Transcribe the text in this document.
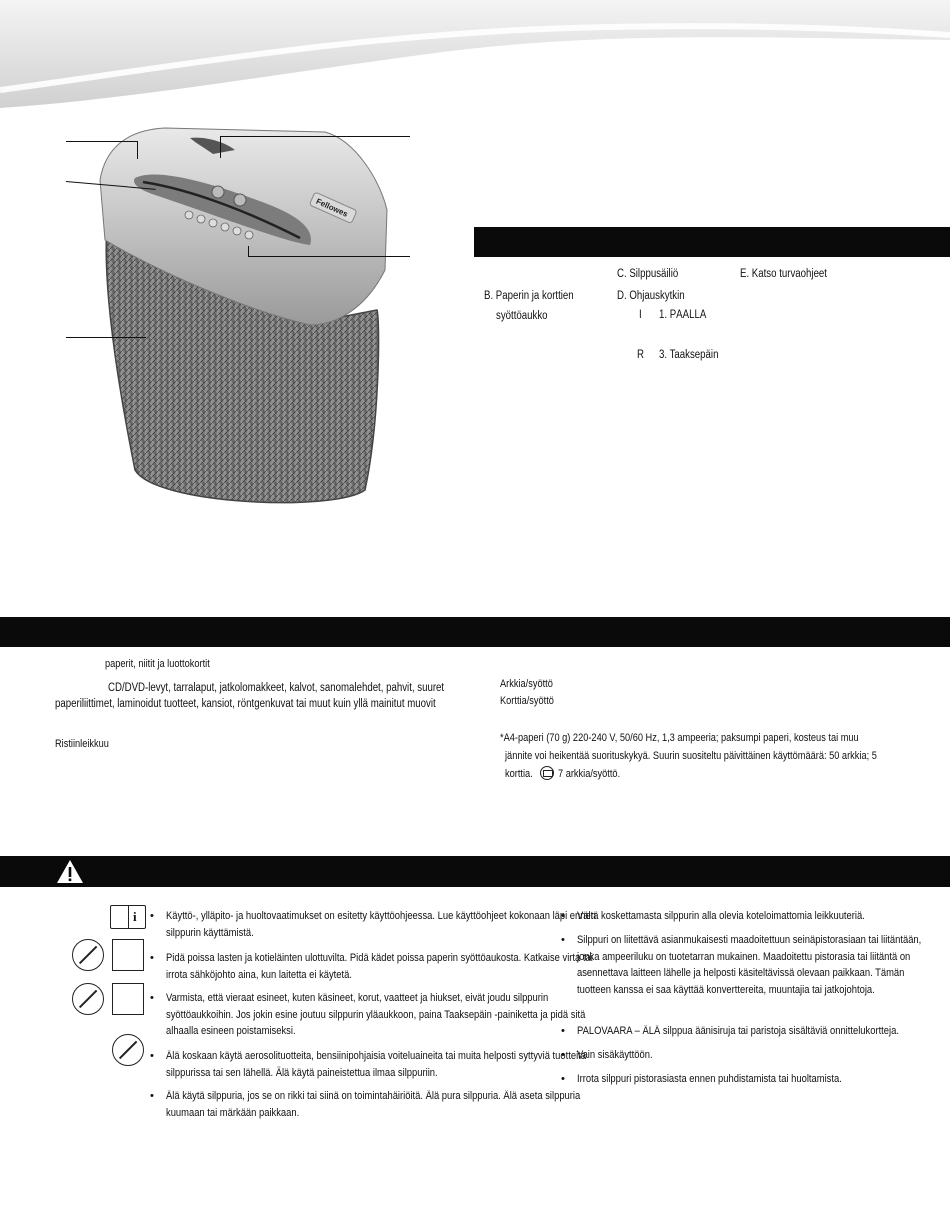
Fellowes
C. Silppusäiliö	E. Katso turvaohjeet
B. Paperin ja korttien
syöttöaukko
D. Ohjauskytkin
I 1. PÄÄLLÄ
R 3. Taaksepäin
paperit, niitit ja luottokortit
CD/DVD-levyt, tarralaput, jatkolomakkeet, kalvot, sanomalehdet, pahvit, suuret
paperiliittimet, laminoidut tuotteet, kansiot, röntgenkuvat tai muut kuin yllä mainitut muovit
Ristiinleikkuu
Arkkia/syöttö
Korttia/syöttö
*A4-paperi (70 g) 220-240 V, 50/60 Hz, 1,3 ampeeria; paksumpi paperi, kosteus tai muu
jännite voi heikentää suorituskykyä. Suurin suositeltu päivittäinen käyttömäärä: 50 arkkia; 5
korttia. 7 arkkia/syöttö.
i
•	Käyttö-, ylläpito- ja huoltovaatimukset on esitetty käyttöohjeessa. Lue käyttöohjeet kokonaan läpi ennen silppurin käyttämistä.
• Pidä poissa lasten ja kotieläinten ulottuvilta. Pidä kädet poissa paperin syöttöaukosta. Katkaise virta tai irrota sähköjohto aina, kun laitetta ei käytetä.
• Varmista, että vieraat esineet, kuten käsineet, korut, vaatteet ja hiukset, eivät joudu silppurin syöttöaukkoihin. Jos jokin esine joutuu silppurin yläaukkoon, paina Taaksepäin -painiketta ja pidä sitä alhaalla esineen poistamiseksi.
• Älä koskaan käytä aerosolituotteita, bensiinipohjaisia voiteluaineita tai muita helposti syttyviä tuotteita silppurissa tai sen lähellä. Älä käytä paineistettua ilmaa silppuriin.
• Älä käytä silppuria, jos se on rikki tai siinä on toimintahäiriöitä. Älä pura silppuria. Älä aseta silppuria kuumaan tai märkään paikkaan.
• Vältä koskettamasta silppurin alla olevia koteloimattomia leikkuuteriä.
• Silppuri on liitettävä asianmukaisesti maadoitettuun seinäpistorasiaan tai liitäntään, jonka ampeeriluku on tuotetarran mukainen. Maadoitettu pistorasia tai liitäntä on asennettava laitteen lähelle ja helposti käsiteltävissä olevaan paikkaan. Tämän tuotteen kanssa ei saa käyttää konverttereita, muuntajia tai jatkojohtoja.
• PALOVAARA – ÄLÄ silppua äänisiruja tai paristoja sisältäviä onnittelukortteja.
• Vain sisäkäyttöön.
• Irrota silppuri pistorasiasta ennen puhdistamista tai huoltamista.
